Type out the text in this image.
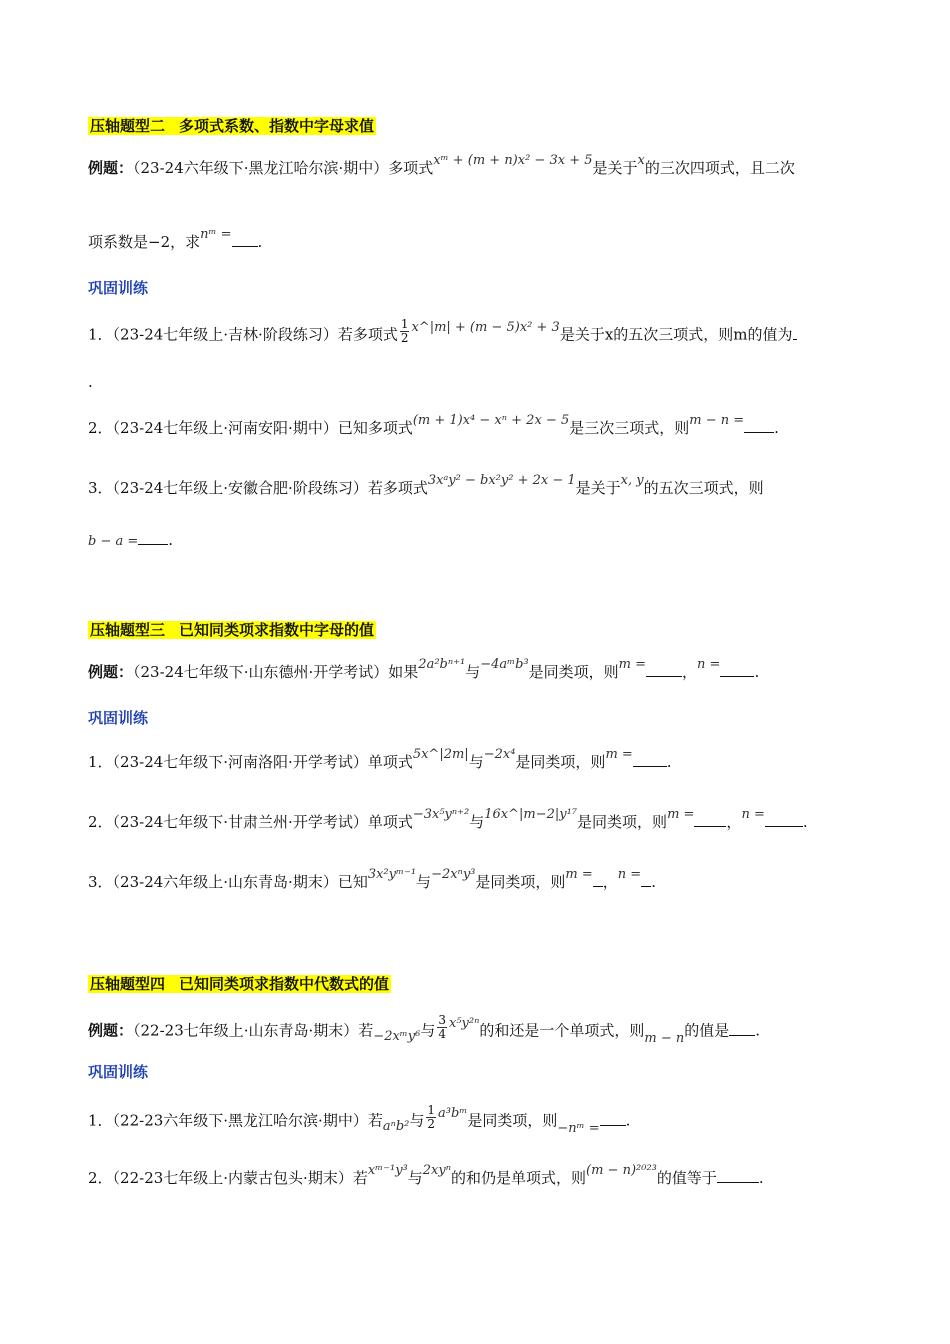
压轴题型二 多项式系数、指数中字母求值
例题：（23-24六年级下·黑龙江哈尔滨·期中）多项式xᵐ + (m + n)x² − 3x + 5是关于x的三次四项式，且二次
项系数是−2，求nᵐ = .
巩固训练
1．（23-24七年级上·吉林·阶段练习）若多项式 $\frac{1}{2}$ x^|m| + (m − 5)x² + 3是关于x的五次三项式，则m的值为
.
2．（23-24七年级上·河南安阳·期中）已知多项式(m + 1)x⁴ − xⁿ + 2x − 5是三次三项式，则m − n = .
3．（23-24七年级上·安徽合肥·阶段练习）若多项式3xᵃy² − bx²y² + 2x − 1是关于x, y的五次三项式，则
b − a = .
压轴题型三 已知同类项求指数中字母的值
例题：（23-24七年级下·山东德州·开学考试）如果2a²bⁿ⁺¹与−4aᵐb³是同类项，则m = ，n = .
巩固训练
1．（23-24七年级下·河南洛阳·开学考试）单项式5x^|2m|与−2x⁴是同类项，则m = .
2．（23-24七年级下·甘肃兰州·开学考试）单项式−3x⁵yⁿ⁺²与16x^|m−2|y¹⁷是同类项，则m = ，n =	.
3．（23-24六年级上·山东青岛·期末）已知3x²yᵐ⁻¹与−2xⁿy³是同类项，则m = ，n = .
压轴题型四 已知同类项求指数中代数式的值
例题：（22-23七年级上·山东青岛·期末）若−2xᵐy⁶与 $\frac{3}{4} x^5y^{2n}$的和还是一个单项式，则m − n的值是 .
巩固训练
1．（22-23六年级下·黑龙江哈尔滨·期中）若aⁿb²与 $\frac{1}{2}$ a³bᵐ是同类项，则−nᵐ = .
2．（22-23七年级上·内蒙古包头·期末）若xᵐ⁻¹y³与2xyⁿ的和仍是单项式，则(m − n)²⁰²³的值等于	.
